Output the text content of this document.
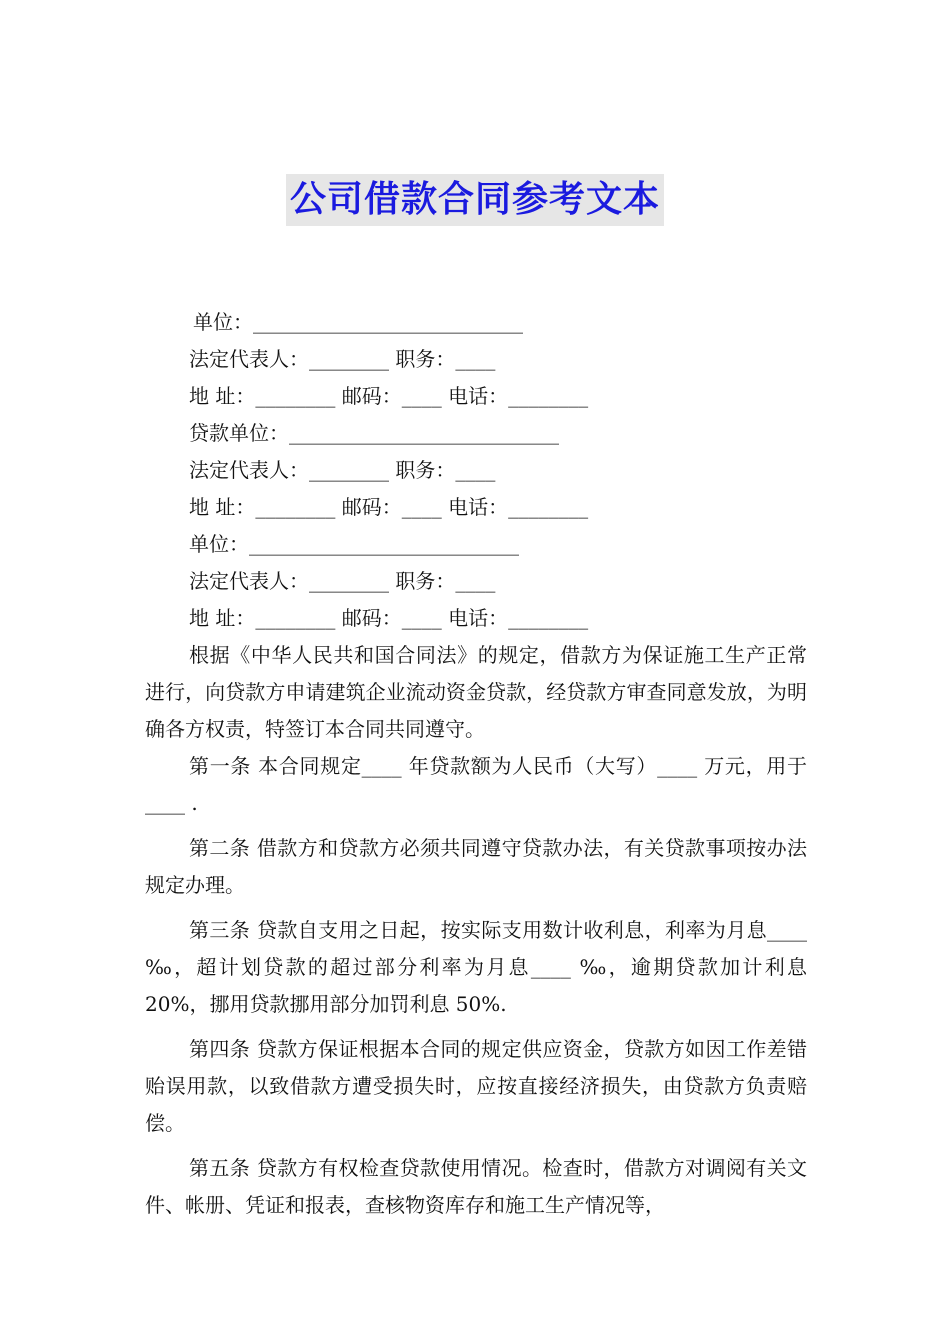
公司借款合同参考文本
单位：___________________________
法定代表人：________ 职务：____
地 址：________ 邮码：____ 电话：________
贷款单位：___________________________
法定代表人：________ 职务：____
地 址：________ 邮码：____ 电话：________
单位：___________________________
法定代表人：________ 职务：____
地 址：________ 邮码：____ 电话：________

根据《中华人民共和国合同法》的规定，借款方为保证施工生产正常进行，向贷款方申请建筑企业流动资金贷款，经贷款方审查同意发放，为明确各方权责，特签订本合同共同遵守。

第一条 本合同规定____ 年贷款额为人民币（大写）____ 万元，用于____ .

第二条 借款方和贷款方必须共同遵守贷款办法，有关贷款事项按办法规定办理。

第三条 贷款自支用之日起，按实际支用数计收利息，利率为月息____ ‰，超计划贷款的超过部分利率为月息____ ‰，逾期贷款加计利息 20%，挪用贷款挪用部分加罚利息 50%.

第四条 贷款方保证根据本合同的规定供应资金，贷款方如因工作差错贻误用款，以致借款方遭受损失时，应按直接经济损失，由贷款方负责赔偿。

第五条 贷款方有权检查贷款使用情况。检查时，借款方对调阅有关文件、帐册、凭证和报表，查核物资库存和施工生产情况等，
